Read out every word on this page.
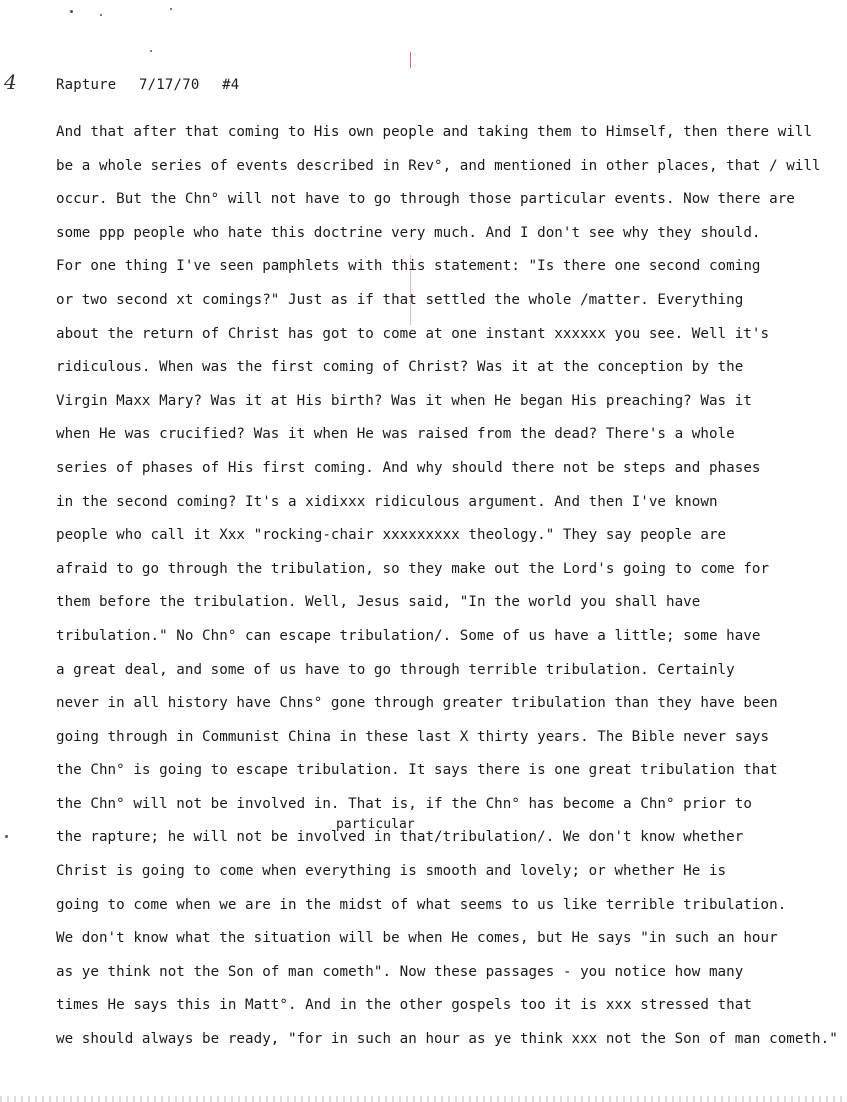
4	Rapture 7/17/70 #4
And that after that coming to His own people and taking them to Himself, then there will
be a whole series of events described in Rev°, and mentioned in other places, that / will
occur. But the Chn° will not have to go through those particular events. Now there are
some ppp people who hate this doctrine very much. And I don't see why they should.
For one thing I've seen pamphlets with this statement: "Is there one second coming
or two second xt comings?" Just as if that settled the whole /matter. Everything
about the return of Christ has got to come at one instant xxxxxx you see. Well it's
ridiculous. When was the first coming of Christ? Was it at the conception by the
Virgin Maxx Mary? Was it at His birth? Was it when He began His preaching? Was it
when He was crucified? Was it when He was raised from the dead? There's a whole
series of phases of His first coming. And why should there not be steps and phases
in the second coming? It's a xidixxx ridiculous argument. And then I've known
people who call it Xxx "rocking-chair xxxxxxxxx theology." They say people are
afraid to go through the tribulation, so they make out the Lord's going to come for
them before the tribulation. Well, Jesus said, "In the world you shall have
tribulation." No Chn° can escape tribulation/. Some of us have a little; some have
a great deal, and some of us have to go through terrible tribulation. Certainly
never in all history have Chns° gone through greater tribulation than they have been
going through in Communist China in these last X thirty years. The Bible never says
the Chn° is going to escape tribulation. It says there is one great tribulation that
the Chn° will not be involved in. That is, if the Chn° has become a Chn° prior to
particular
the rapture; he will not be involved in that/tribulation/. We don't know whether
Christ is going to come when everything is smooth and lovely; or whether He is
going to come when we are in the midst of what seems to us like terrible tribulation.
We don't know what the situation will be when He comes, but He says "in such an hour
as ye think not the Son of man cometh". Now these passages - you notice how many
times He says this in Matt°. And in the other gospels too it is xxx stressed that
we should always be ready, "for in such an hour as ye think xxx not the Son of man cometh."
